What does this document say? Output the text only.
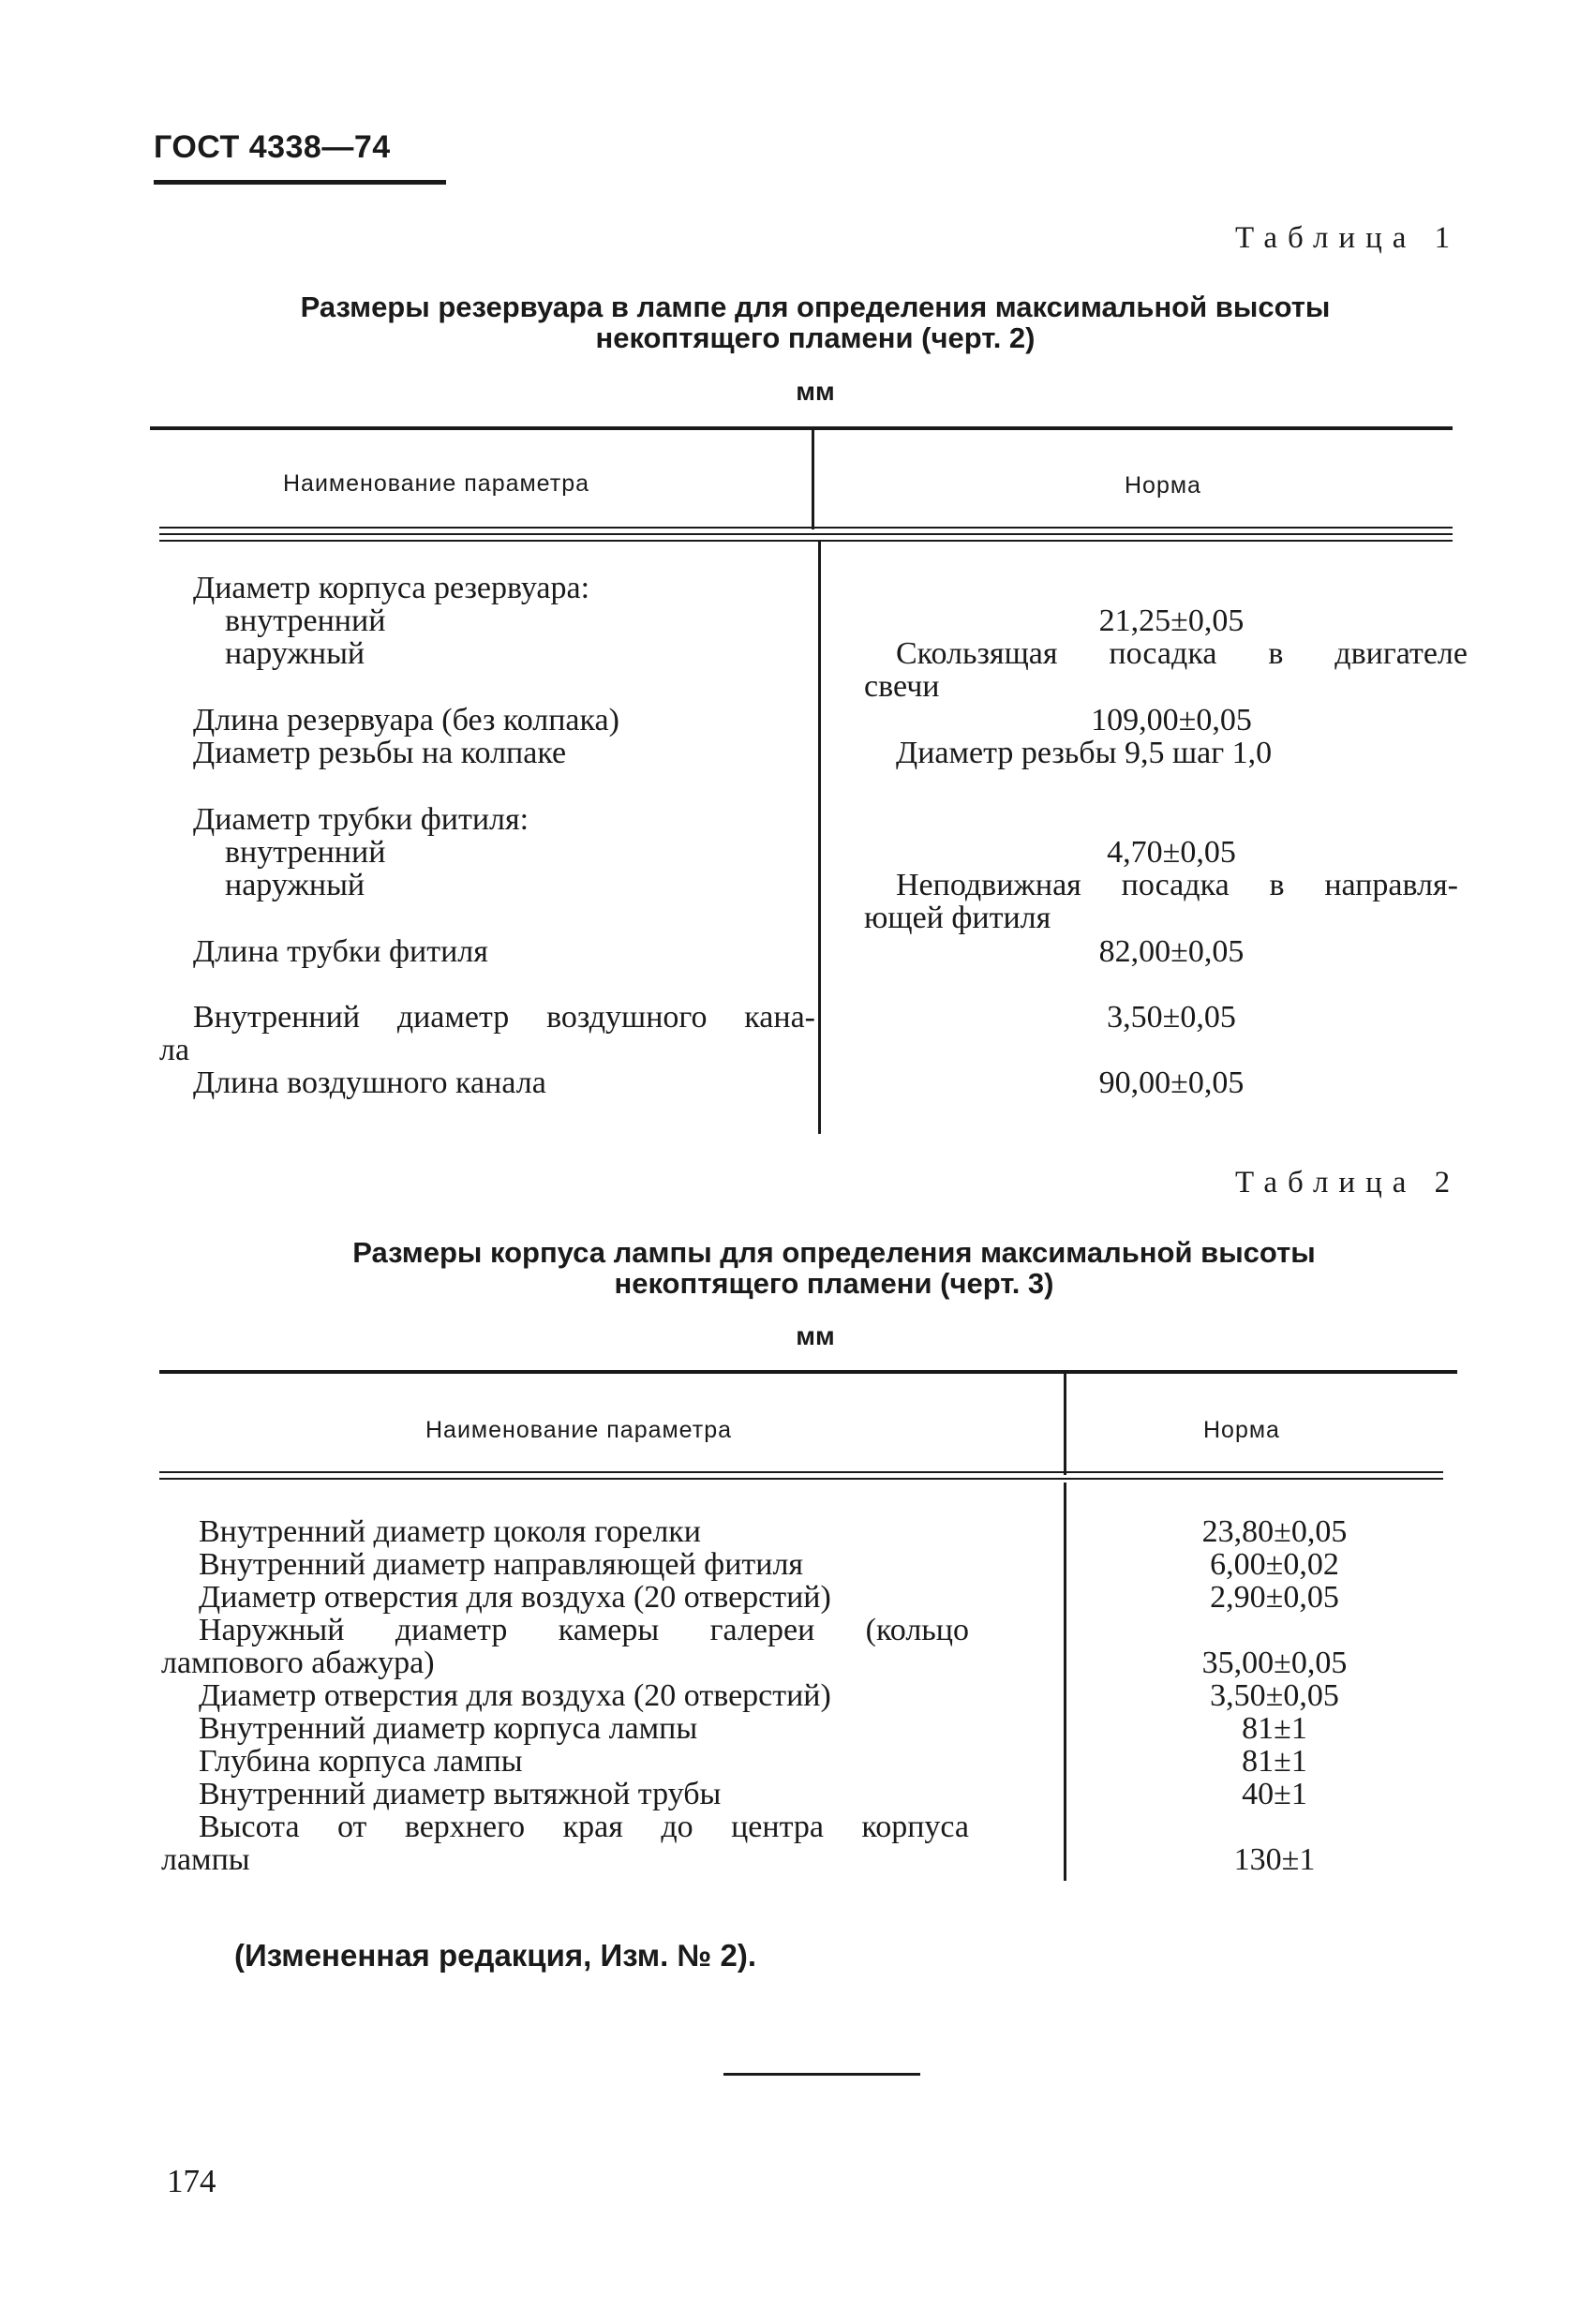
ГОСТ 4338—74
Таблица 1
Размеры резервуара в лампе для определения максимальной высоты
некоптящего пламени (черт. 2)
мм
Наименование параметра	Норма
Диаметр корпуса резервуара:
внутренний
наружный
Длина резервуара (без колпака)
Диаметр резьбы на колпаке
Диаметр трубки фитиля:
внутренний
наружный
Длина трубки фитиля
Внутренний диаметр воздушного кана-
ла
Длина воздушного канала
21,25±0,05
Скользящая посадка в двигателе
свечи
109,00±0,05
Диаметр резьбы 9,5 шаг 1,0
4,70±0,05
Неподвижная посадка в направля-
ющей фитиля
82,00±0,05
3,50±0,05
90,00±0,05
Таблица 2
Размеры корпуса лампы для определения максимальной высоты
некоптящего пламени (черт. 3)
мм
Наименование параметра	Норма
Внутренний диаметр цоколя горелки
Внутренний диаметр направляющей фитиля
Диаметр отверстия для воздуха (20 отверстий)
Наружный диаметр камеры галереи (кольцо
лампового абажура)
Диаметр отверстия для воздуха (20 отверстий)
Внутренний диаметр корпуса лампы
Глубина корпуса лампы
Внутренний диаметр вытяжной трубы
Высота от верхнего края до центра корпуса
лампы
23,80±0,05
6,00±0,02
2,90±0,05
35,00±0,05
3,50±0,05
81±1
81±1
40±1
130±1
(Измененная редакция, Изм. № 2).
174
